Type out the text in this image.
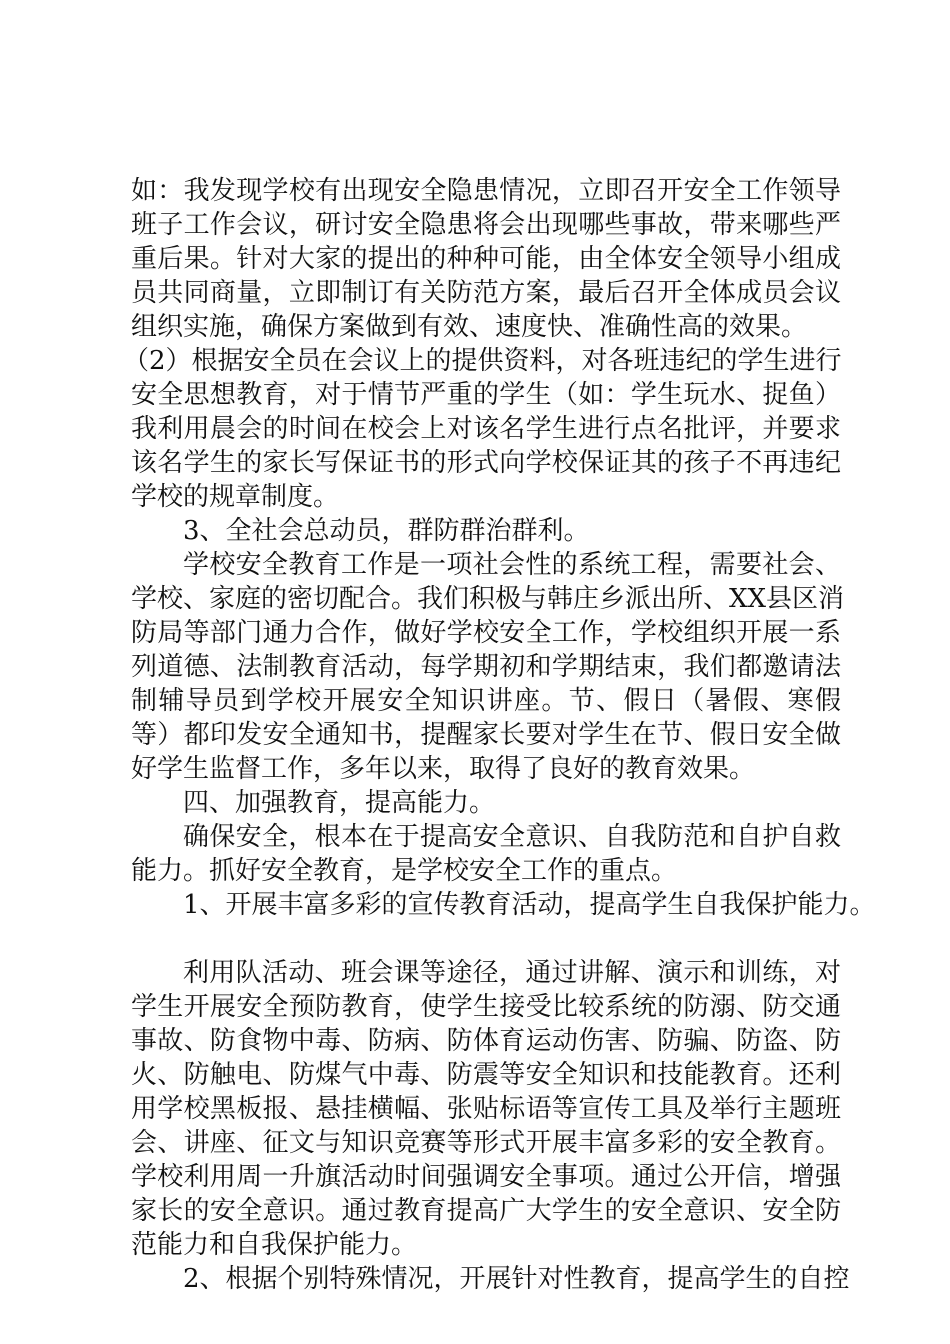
如：我发现学校有出现安全隐患情况，立即召开安全工作领导
班子工作会议，研讨安全隐患将会出现哪些事故，带来哪些严
重后果。针对大家的提出的种种可能，由全体安全领导小组成
员共同商量，立即制订有关防范方案，最后召开全体成员会议
组织实施，确保方案做到有效、速度快、准确性高的效果。
（2）根据安全员在会议上的提供资料，对各班违纪的学生进行
安全思想教育，对于情节严重的学生（如：学生玩水、捉鱼）
我利用晨会的时间在校会上对该名学生进行点名批评，并要求
该名学生的家长写保证书的形式向学校保证其的孩子不再违纪
学校的规章制度。
3、全社会总动员，群防群治群利。
学校安全教育工作是一项社会性的系统工程，需要社会、
学校、家庭的密切配合。我们积极与韩庄乡派出所、XX县区消
防局等部门通力合作，做好学校安全工作，学校组织开展一系
列道德、法制教育活动，每学期初和学期结束，我们都邀请法
制辅导员到学校开展安全知识讲座。节、假日（暑假、寒假
等）都印发安全通知书，提醒家长要对学生在节、假日安全做
好学生监督工作，多年以来，取得了良好的教育效果。
四、加强教育，提高能力。
确保安全，根本在于提高安全意识、自我防范和自护自救
能力。抓好安全教育，是学校安全工作的重点。
1、开展丰富多彩的宣传教育活动，提高学生自我保护能力。
利用队活动、班会课等途径，通过讲解、演示和训练，对
学生开展安全预防教育，使学生接受比较系统的防溺、防交通
事故、防食物中毒、防病、防体育运动伤害、防骗、防盗、防
火、防触电、防煤气中毒、防震等安全知识和技能教育。还利
用学校黑板报、悬挂横幅、张贴标语等宣传工具及举行主题班
会、讲座、征文与知识竞赛等形式开展丰富多彩的安全教育。
学校利用周一升旗活动时间强调安全事项。通过公开信，增强
家长的安全意识。通过教育提高广大学生的安全意识、安全防
范能力和自我保护能力。
2、根据个别特殊情况，开展针对性教育，提高学生的自控
